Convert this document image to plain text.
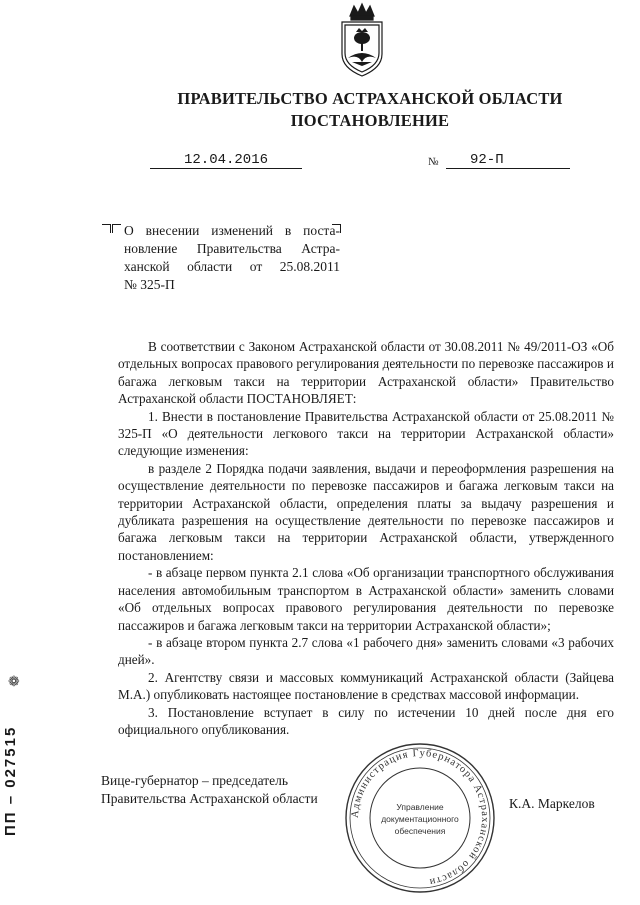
ПРАВИТЕЛЬСТВО АСТРАХАНСКОЙ ОБЛАСТИ
ПОСТАНОВЛЕНИЕ
12.04.2016	№	92-П
О внесении изменений в поста-
новление Правительства Астра-
ханской области от 25.08.2011
№ 325-П

В соответствии с Законом Астраханской области от 30.08.2011 № 49/2011-ОЗ «Об отдельных вопросах правового регулирования деятельности по перевозке пассажиров и багажа легковым такси на территории Астраханской области» Правительство Астраханской области ПОСТАНОВЛЯЕТ:

1. Внести в постановление Правительства Астраханской области от 25.08.2011 № 325-П «О деятельности легкового такси на территории Астраханской области» следующие изменения:

в разделе 2 Порядка подачи заявления, выдачи и переоформления разрешения на осуществление деятельности по перевозке пассажиров и багажа легковым такси на территории Астраханской области, определения платы за выдачу разрешения и дубликата разрешения на осуществление деятельности по перевозке пассажиров и багажа легковым такси на территории Астраханской области, утвержденного постановлением:

- в абзаце первом пункта 2.1 слова «Об организации транспортного обслуживания населения автомобильным транспортом в Астраханской области» заменить словами «Об отдельных вопросах правового регулирования деятельности по перевозке пассажиров и багажа легковым такси на территории Астраханской области»;

- в абзаце втором пункта 2.7 слова «1 рабочего дня» заменить словами «3 рабочих дней».

2. Агентству связи и массовых коммуникаций Астраханской области (Зайцева М.А.) опубликовать настоящее постановление в средствах массовой информации.

3. Постановление вступает в силу по истечении 10 дней после дня его официального опубликования.

Вице-губернатор – председатель
Правительства Астраханской области	К.А. Маркелов
Администрация Губернатора Астраханской области
Управление
документационного
обеспечения
❁
ПП – 027515
